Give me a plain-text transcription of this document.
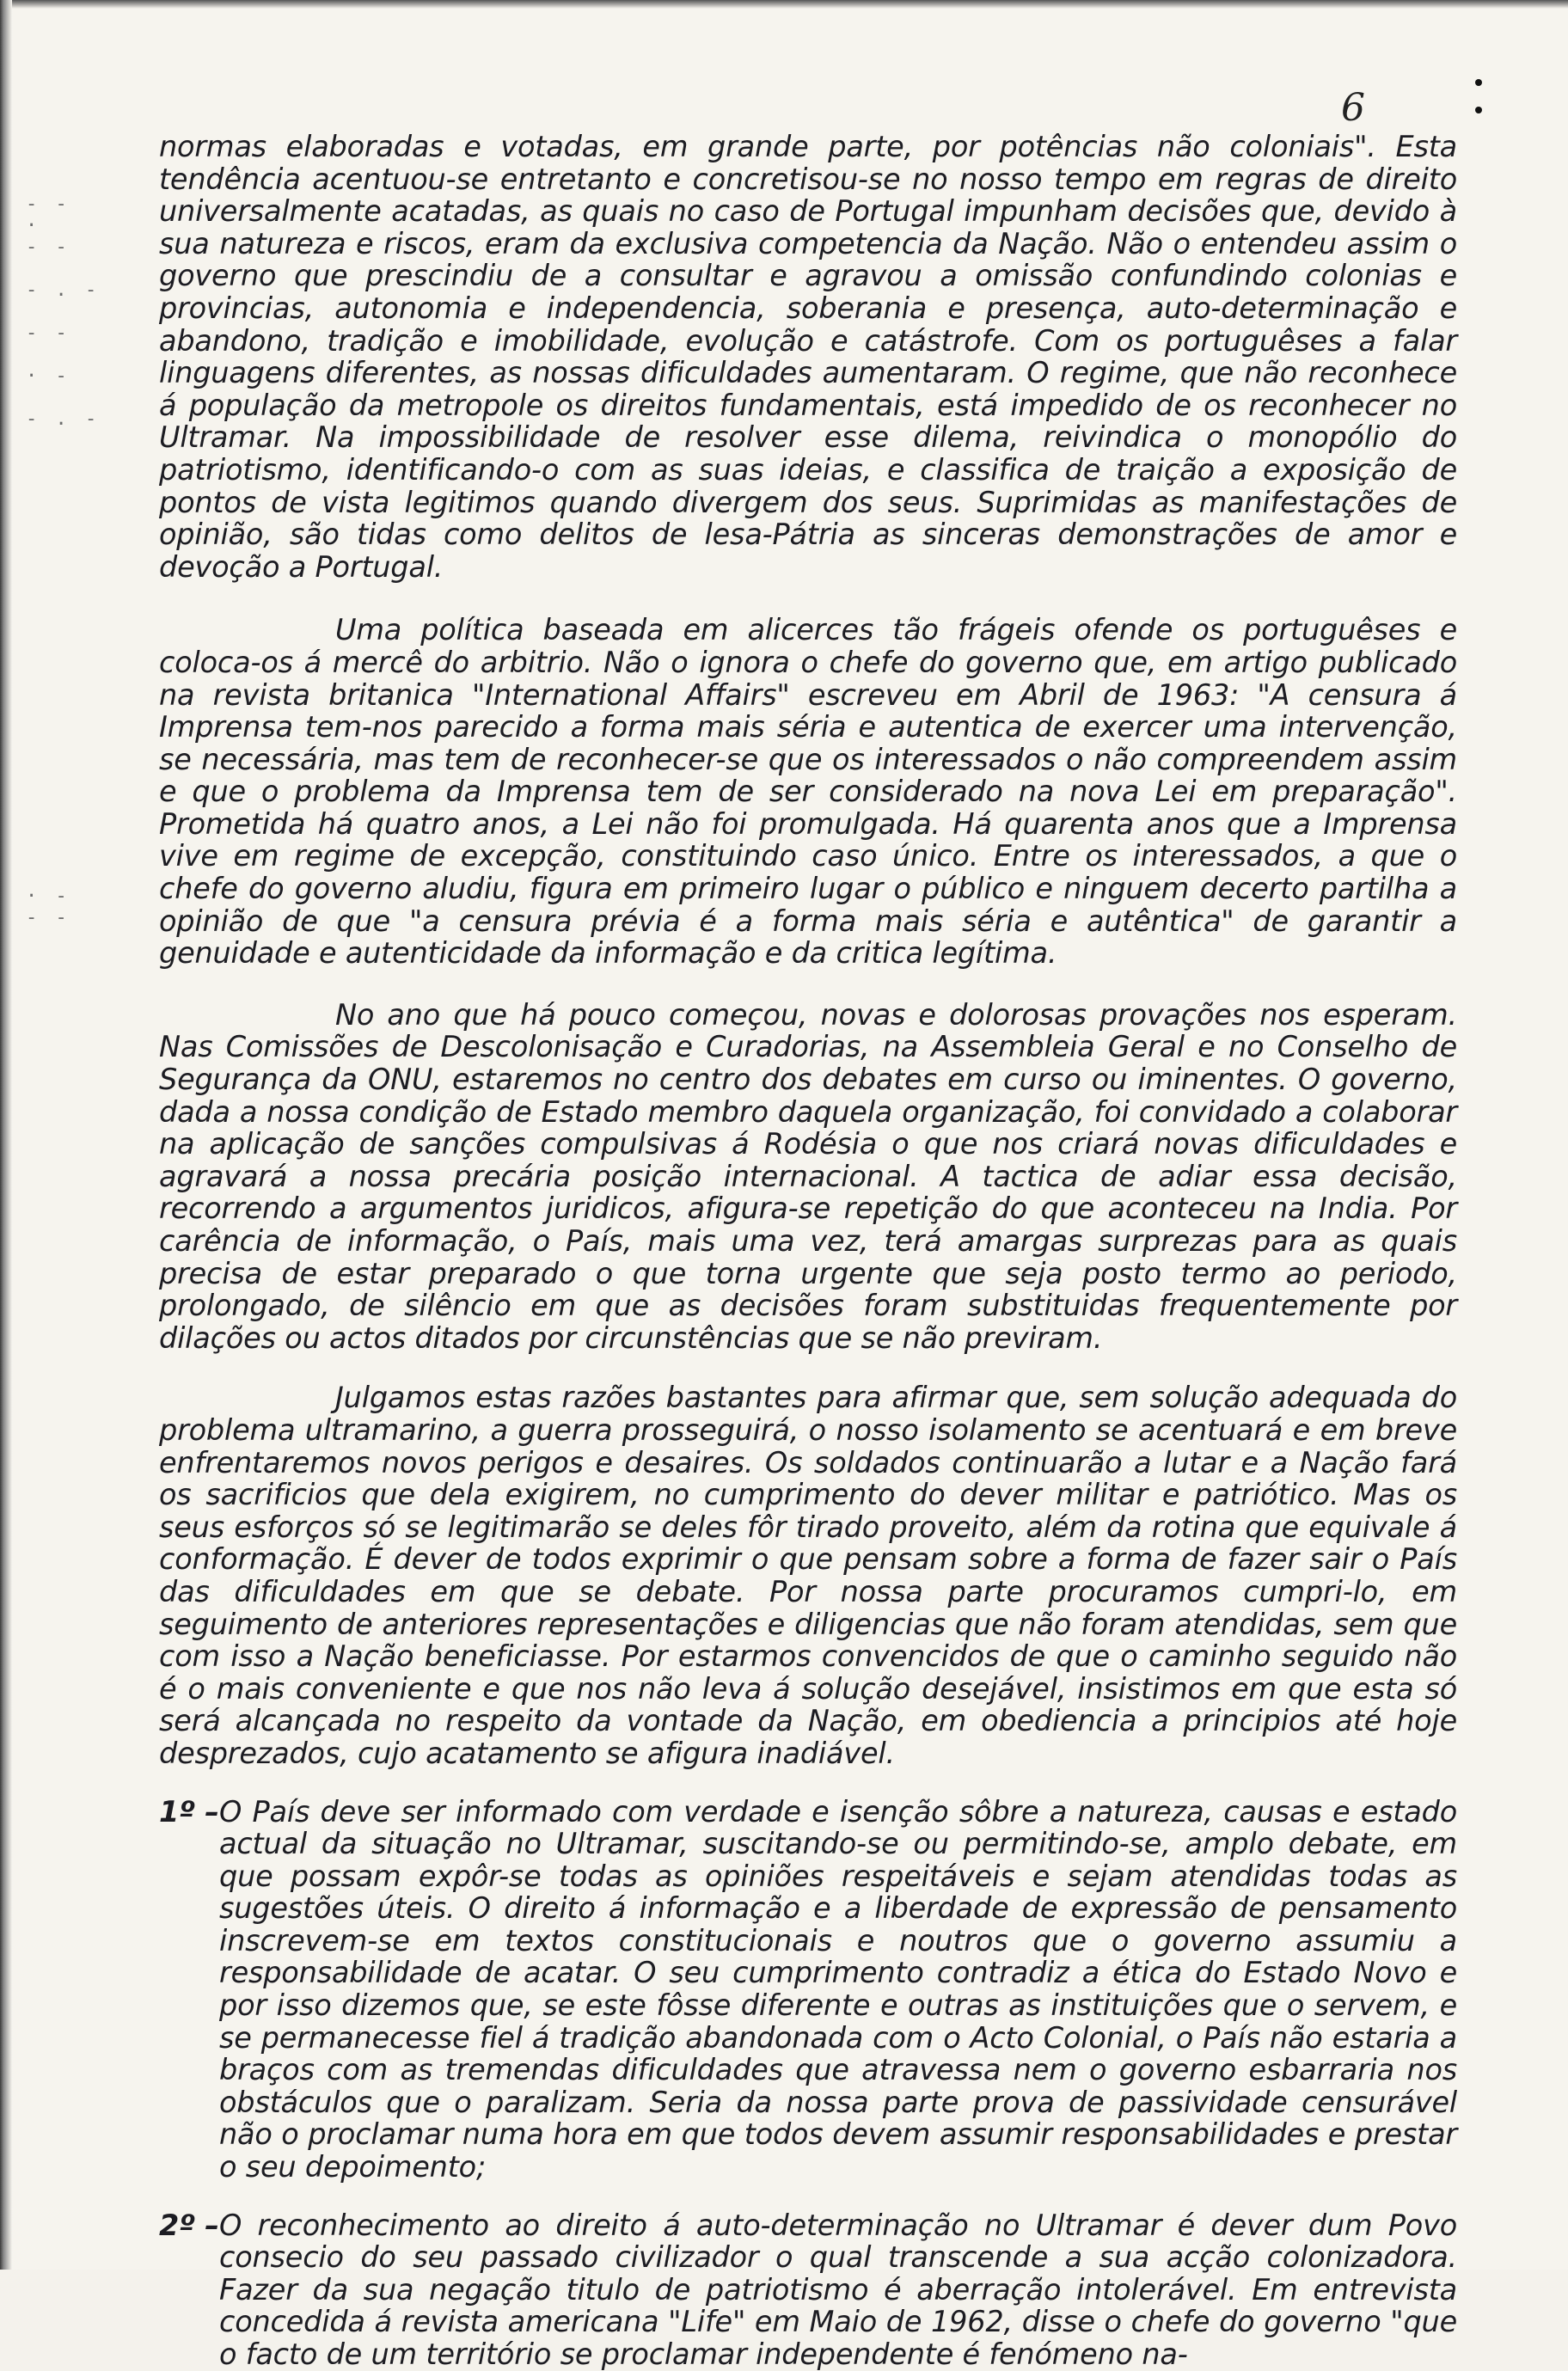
6
- -
·
- -

- . -

- -

· -

- . -
· -
- -

normas elaboradas e votadas, em grande parte, por potências não coloniais". Esta tendência acentuou-se entretanto e concretisou-se no nosso tempo em regras de direito universalmente acatadas, as quais no caso de Portugal impunham decisões que, devido à sua natureza e riscos, eram da exclusiva competencia da Nação. Não o entendeu assim o governo que prescindiu de a consultar e agravou a omissão confundindo colonias e provincias, autonomia e independencia, soberania e presença, auto-determinação e abandono, tradição e imobilidade, evolução e catástrofe. Com os portuguêses a falar linguagens diferentes, as nossas dificuldades aumentaram. O regime, que não reconhece á população da metropole os direitos fundamentais, está impedido de os reconhecer no Ultramar. Na impossibilidade de resolver esse dilema, reivindica o monopólio do patriotismo, identificando-o com as suas ideias, e classifica de traição a exposição de pontos de vista legitimos quando divergem dos seus. Suprimidas as manifestações de opinião, são tidas como delitos de lesa-Pátria as sinceras demonstrações de amor e devoção a Portugal.

Uma política baseada em alicerces tão frágeis ofende os portuguêses e coloca-os á mercê do arbitrio. Não o ignora o chefe do governo que, em artigo publicado na revista britanica "International Affairs" escreveu em Abril de 1963: "A censura á Imprensa tem-nos parecido a forma mais séria e autentica de exercer uma intervenção, se necessária, mas tem de reconhecer-se que os interessados o não compreendem assim e que o problema da Imprensa tem de ser considerado na nova Lei em preparação". Prometida há quatro anos, a Lei não foi promulgada. Há quarenta anos que a Imprensa vive em regime de excepção, constituindo caso único. Entre os interessados, a que o chefe do governo aludiu, figura em primeiro lugar o público e ninguem decerto partilha a opinião de que "a censura prévia é a forma mais séria e autêntica" de garantir a genuidade e autenticidade da informação e da critica legítima.

No ano que há pouco começou, novas e dolorosas provações nos esperam. Nas Comissões de Descolonisação e Curadorias, na Assembleia Geral e no Conselho de Segurança da ONU, estaremos no centro dos debates em curso ou iminentes. O governo, dada a nossa condição de Estado membro daquela organização, foi convidado a colaborar na aplicação de sanções compulsivas á Rodésia o que nos criará novas dificuldades e agravará a nossa precária posição internacional. A tactica de adiar essa decisão, recorrendo a argumentos juridicos, afigura-se repetição do que aconteceu na India. Por carência de informação, o País, mais uma vez, terá amargas surprezas para as quais precisa de estar preparado o que torna urgente que seja posto termo ao periodo, prolongado, de silêncio em que as decisões foram substituidas frequentemente por dilações ou actos ditados por circunstências que se não previram.

Julgamos estas razões bastantes para afirmar que, sem solução adequada do problema ultramarino, a guerra prosseguirá, o nosso isolamento se acentuará e em breve enfrentaremos novos perigos e desaires. Os soldados continuarão a lutar e a Nação fará os sacrificios que dela exigirem, no cumprimento do dever militar e patriótico. Mas os seus esforços só se legitimarão se deles fôr tirado proveito, além da rotina que equivale á conformação. É dever de todos exprimir o que pensam sobre a forma de fazer sair o País das dificuldades em que se debate. Por nossa parte procuramos cumpri-lo, em seguimento de anteriores representações e diligencias que não foram atendidas, sem que com isso a Nação beneficiasse. Por estarmos convencidos de que o caminho seguido não é o mais conveniente e que nos não leva á solução desejável, insistimos em que esta só será alcançada no respeito da vontade da Nação, em obediencia a principios até hoje desprezados, cujo acatamento se afigura inadiável.

1º – O País deve ser informado com verdade e isenção sôbre a natureza, causas e estado actual da situação no Ultramar, suscitando-se ou permitindo-se, amplo debate, em que possam expôr-se todas as opiniões respeitáveis e sejam atendidas todas as sugestões úteis. O direito á informação e a liberdade de expressão de pensamento inscrevem-se em textos constitucionais e noutros que o governo assumiu a responsabilidade de acatar. O seu cumprimento contradiz a ética do Estado Novo e por isso dizemos que, se este fôsse diferente e outras as instituições que o servem, e se permanecesse fiel á tradição abandonada com o Acto Colonial, o País não estaria a braços com as tremendas dificuldades que atravessa nem o governo esbarraria nos obstáculos que o paralizam. Seria da nossa parte prova de passividade censurável não o proclamar numa hora em que todos devem assumir responsabilidades e prestar o seu depoimento;
2º – O reconhecimento ao direito á auto-determinação no Ultramar é dever dum Povo consecio do seu passado civilizador o qual transcende a sua acção colonizadora. Fazer da sua negação titulo de patriotismo é aberração intolerável. Em entrevista concedida á revista americana "Life" em Maio de 1962, disse o chefe do governo "que o facto de um território se proclamar independente é fenómeno na-
